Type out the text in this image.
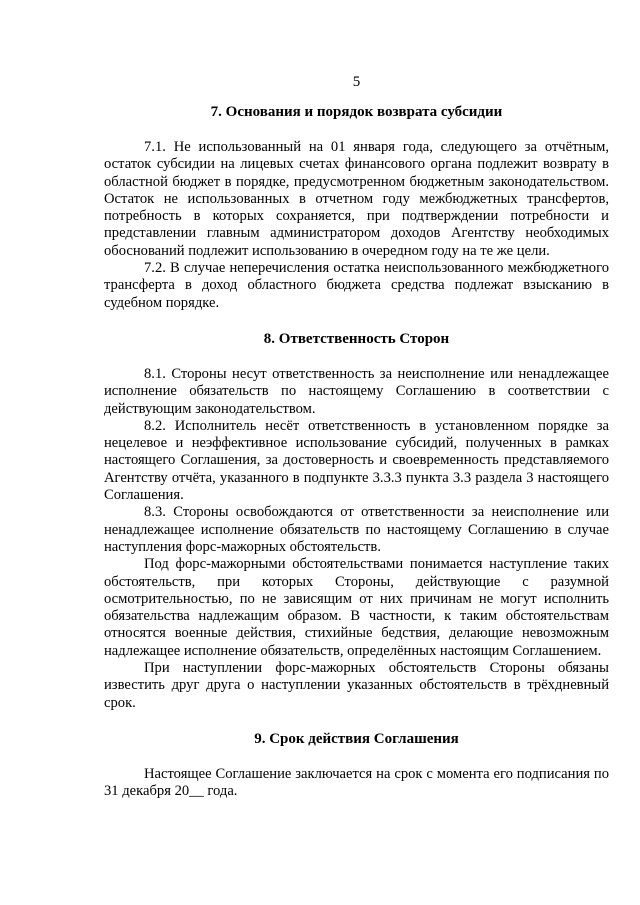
5
7. Основания и порядок возврата субсидии

7.1. Не использованный на 01 января года, следующего за отчётным, остаток субсидии на лицевых счетах финансового органа подлежит возврату в областной бюджет в порядке, предусмотренном бюджетным законодательством. Остаток не использованных в отчетном году межбюджетных трансфертов, потребность в которых сохраняется, при подтверждении потребности и представлении главным администратором доходов Агентству необходимых обоснований подлежит использованию в очередном году на те же цели.

7.2. В случае неперечисления остатка неиспользованного межбюджетного трансферта в доход областного бюджета средства подлежат взысканию в судебном порядке.

8. Ответственность Сторон

8.1. Стороны несут ответственность за неисполнение или ненадлежащее исполнение обязательств по настоящему Соглашению в соответствии с действующим законодательством.

8.2. Исполнитель несёт ответственность в установленном порядке за нецелевое и неэффективное использование субсидий, полученных в рамках настоящего Соглашения, за достоверность и своевременность представляемого Агентству отчёта, указанного в подпункте 3.3.3 пункта 3.3 раздела 3 настоящего Соглашения.

8.3. Стороны освобождаются от ответственности за неисполнение или ненадлежащее исполнение обязательств по настоящему Соглашению в случае наступления форс-мажорных обстоятельств.

Под форс-мажорными обстоятельствами понимается наступление таких обстоятельств, при которых Стороны, действующие с разумной осмотрительностью, по не зависящим от них причинам не могут исполнить обязательства надлежащим образом. В частности, к таким обстоятельствам относятся военные действия, стихийные бедствия, делающие невозможным надлежащее исполнение обязательств, определённых настоящим Соглашением.

При наступлении форс-мажорных обстоятельств Стороны обязаны известить друг друга о наступлении указанных обстоятельств в трёхдневный срок.

9. Срок действия Соглашения

Настоящее Соглашение заключается на срок с момента его подписания по 31 декабря 20__ года.
